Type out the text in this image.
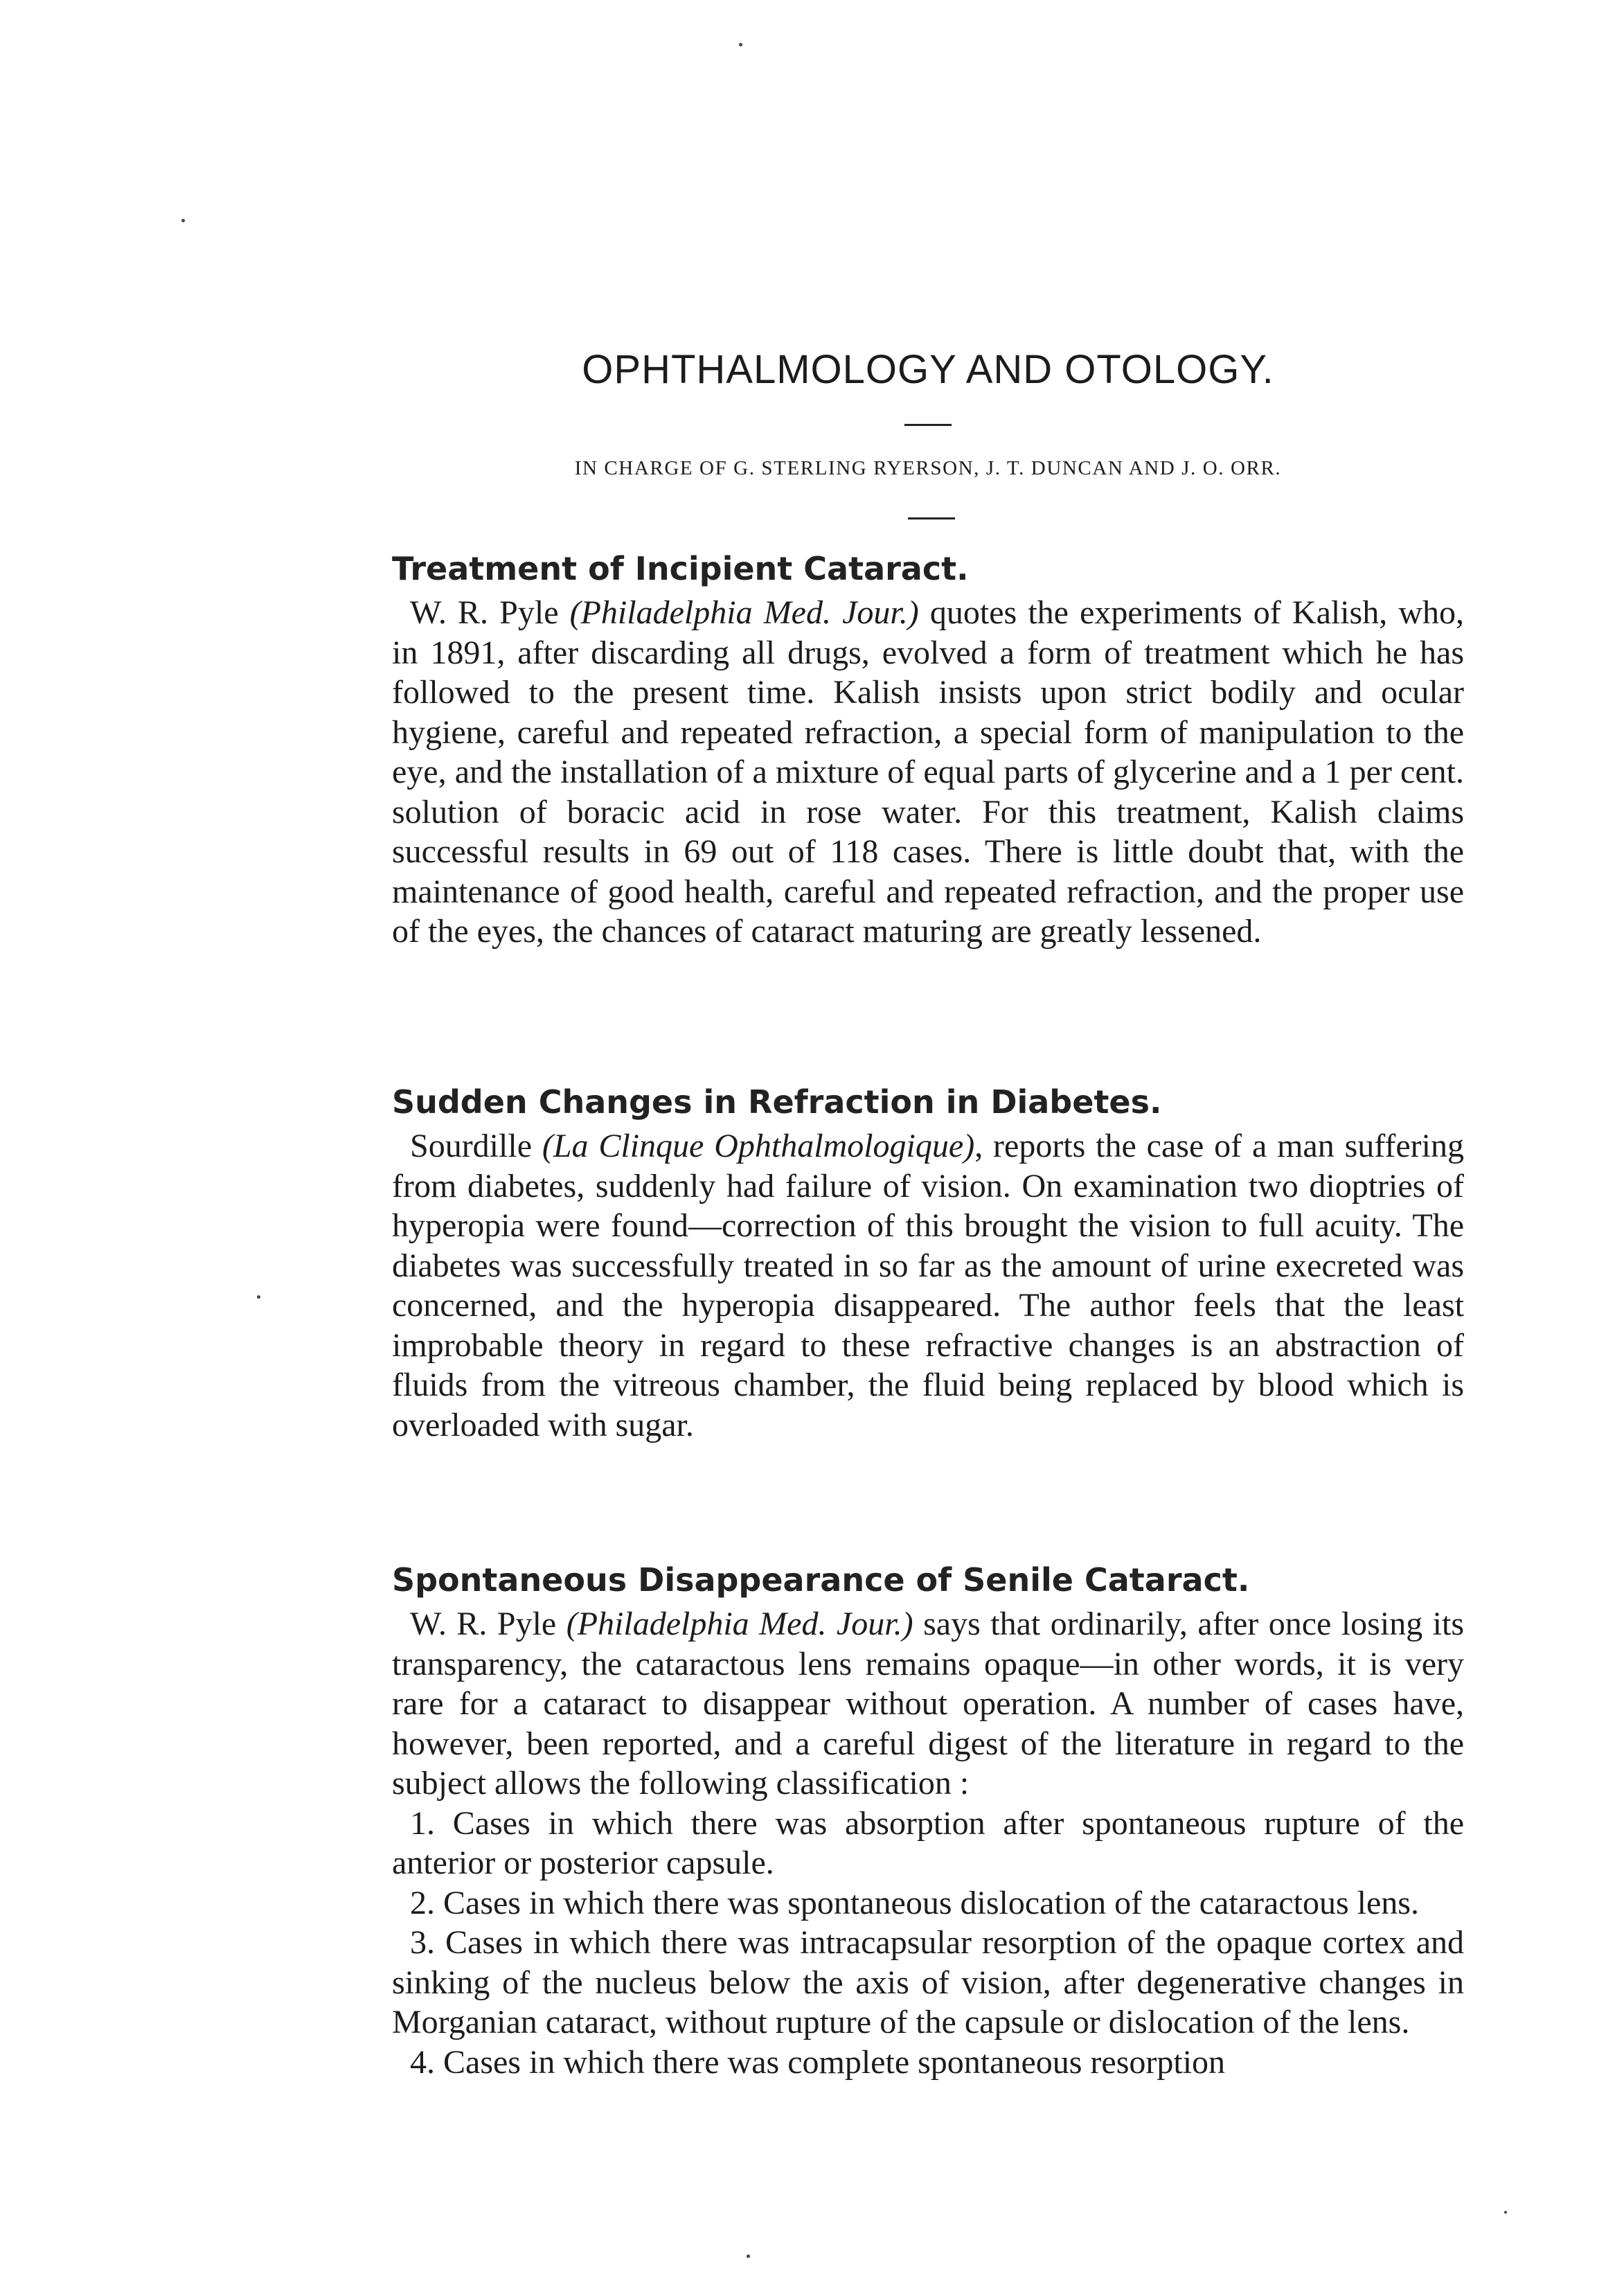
OPHTHALMOLOGY AND OTOLOGY.
IN CHARGE OF G. STERLING RYERSON, J. T. DUNCAN AND J. O. ORR.
Treatment of Incipient Cataract.

W. R. Pyle (Philadelphia Med. Jour.) quotes the experiments of Kalish, who, in 1891, after discarding all drugs, evolved a form of treatment which he has followed to the present time. Kalish insists upon strict bodily and ocular hygiene, careful and repeated refraction, a special form of manipulation to the eye, and the installation of a mixture of equal parts of glycerine and a 1 per cent. solution of boracic acid in rose water. For this treatment, Kalish claims successful results in 69 out of 118 cases. There is little doubt that, with the maintenance of good health, careful and repeated refraction, and the proper use of the eyes, the chances of cataract maturing are greatly lessened.

Sudden Changes in Refraction in Diabetes.

Sourdille (La Clinque Ophthalmologique), reports the case of a man suffering from diabetes, suddenly had failure of vision. On examination two dioptries of hyperopia were found—correction of this brought the vision to full acuity. The diabetes was successfully treated in so far as the amount of urine execreted was concerned, and the hyperopia disappeared. The author feels that the least improbable theory in regard to these refractive changes is an abstraction of fluids from the vitreous chamber, the fluid being replaced by blood which is overloaded with sugar.

Spontaneous Disappearance of Senile Cataract.

W. R. Pyle (Philadelphia Med. Jour.) says that ordinarily, after once losing its transparency, the cataractous lens remains opaque—in other words, it is very rare for a cataract to disappear without operation. A number of cases have, however, been reported, and a careful digest of the literature in regard to the subject allows the following classification :

1. Cases in which there was absorption after spontaneous rupture of the anterior or posterior capsule.

2. Cases in which there was spontaneous dislocation of the cataractous lens.

3. Cases in which there was intracapsular resorption of the opaque cortex and sinking of the nucleus below the axis of vision, after degenerative changes in Morganian cataract, without rupture of the capsule or dislocation of the lens.

4. Cases in which there was complete spontaneous resorption
